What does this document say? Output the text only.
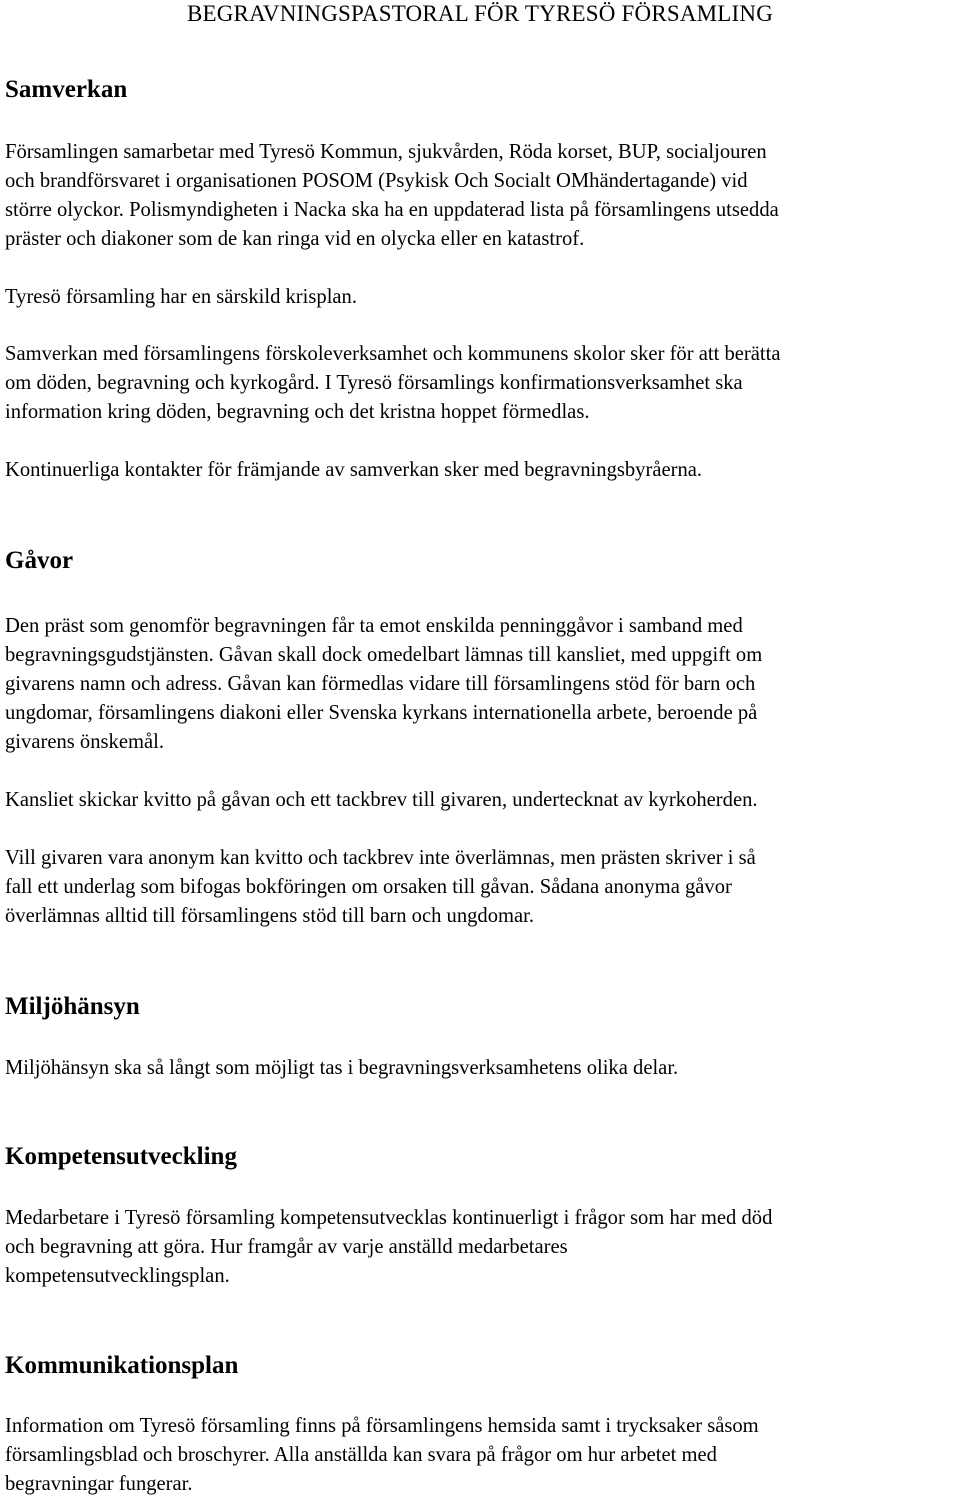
BEGRAVNINGSPASTORAL FÖR TYRESÖ FÖRSAMLING
Samverkan

Församlingen samarbetar med Tyresö Kommun, sjukvården, Röda korset, BUP, socialjouren
och brandförsvaret i organisationen POSOM (Psykisk Och Socialt OMhändertagande) vid
större olyckor. Polismyndigheten i Nacka ska ha en uppdaterad lista på församlingens utsedda
präster och diakoner som de kan ringa vid en olycka eller en katastrof.

Tyresö församling har en särskild krisplan.

Samverkan med församlingens förskoleverksamhet och kommunens skolor sker för att berätta
om döden, begravning och kyrkogård. I Tyresö församlings konfirmationsverksamhet ska
information kring döden, begravning och det kristna hoppet förmedlas.

Kontinuerliga kontakter för främjande av samverkan sker med begravningsbyråerna.

Gåvor

Den präst som genomför begravningen får ta emot enskilda penninggåvor i samband med
begravningsgudstjänsten. Gåvan skall dock omedelbart lämnas till kansliet, med uppgift om
givarens namn och adress. Gåvan kan förmedlas vidare till församlingens stöd för barn och
ungdomar, församlingens diakoni eller Svenska kyrkans internationella arbete, beroende på
givarens önskemål.

Kansliet skickar kvitto på gåvan och ett tackbrev till givaren, undertecknat av kyrkoherden.

Vill givaren vara anonym kan kvitto och tackbrev inte överlämnas, men prästen skriver i så
fall ett underlag som bifogas bokföringen om orsaken till gåvan. Sådana anonyma gåvor
överlämnas alltid till församlingens stöd till barn och ungdomar.

Miljöhänsyn

Miljöhänsyn ska så långt som möjligt tas i begravningsverksamhetens olika delar.

Kompetensutveckling

Medarbetare i Tyresö församling kompetensutvecklas kontinuerligt i frågor som har med död
och begravning att göra. Hur framgår av varje anställd medarbetares
kompetensutvecklingsplan.

Kommunikationsplan

Information om Tyresö församling finns på församlingens hemsida samt i trycksaker såsom
församlingsblad och broschyrer. Alla anställda kan svara på frågor om hur arbetet med
begravningar fungerar.
